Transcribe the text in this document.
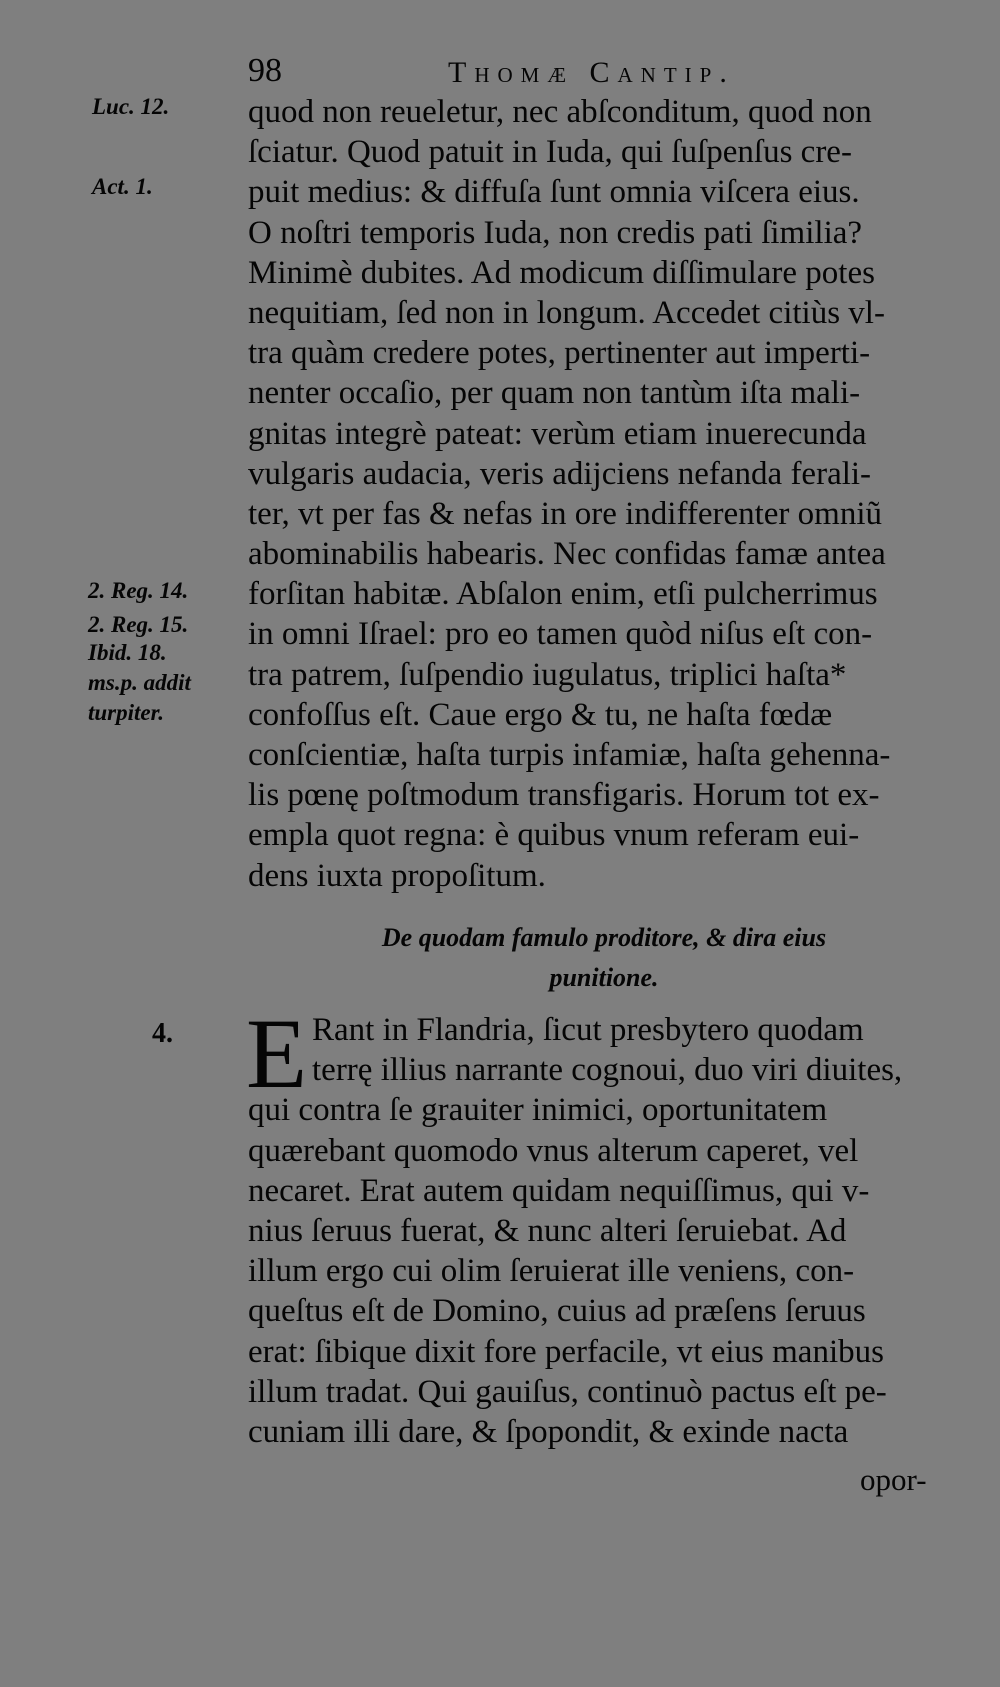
98	Thomæ Cantip.
Luc. 12.
Act. 1.
2. Reg. 14.
2. Reg. 15.
Ibid. 18.
ms.p. addit
turpiter.
quod non reueletur, nec abſconditum, quod non
ſciatur. Quod patuit in Iuda, qui ſuſpenſus cre-
puit medius: & diffuſa ſunt omnia viſcera eius.
O noſtri temporis Iuda, non credis pati ſimilia?
Minimè dubites. Ad modicum diſſimulare potes
nequitiam, ſed non in longum. Accedet citiùs vl-
tra quàm credere potes, pertinenter aut imperti-
nenter occaſio, per quam non tantùm iſta mali-
gnitas integrè pateat: verùm etiam inuerecunda
vulgaris audacia, veris adijciens nefanda ferali-
ter, vt per fas & nefas in ore indifferenter omniũ
abominabilis habearis. Nec confidas famæ antea
forſitan habitæ. Abſalon enim, etſi pulcherrimus
in omni Iſrael: pro eo tamen quòd niſus eſt con-
tra patrem, ſuſpendio iugulatus, triplici haſta*
confoſſus eſt. Caue ergo & tu, ne haſta fœdæ
conſcientiæ, haſta turpis infamiæ, haſta gehenna-
lis pœnę poſtmodum transfigaris. Horum tot ex-
empla quot regna: è quibus vnum referam eui-
dens iuxta propoſitum.
De quodam famulo proditore, & dira eius
punitione.
4. E Rant in Flandria, ſicut presbytero quodam
terrę illius narrante cognoui, duo viri diuites,
qui contra ſe grauiter inimici, oportunitatem
quærebant quomodo vnus alterum caperet, vel
necaret. Erat autem quidam nequiſſimus, qui v-
nius ſeruus fuerat, & nunc alteri ſeruiebat. Ad
illum ergo cui olim ſeruierat ille veniens, con-
queſtus eſt de Domino, cuius ad præſens ſeruus
erat: ſibique dixit fore perfacile, vt eius manibus
illum tradat. Qui gauiſus, continuò pactus eſt pe-
cuniam illi dare, & ſpopondit, & exinde nacta
opor-
